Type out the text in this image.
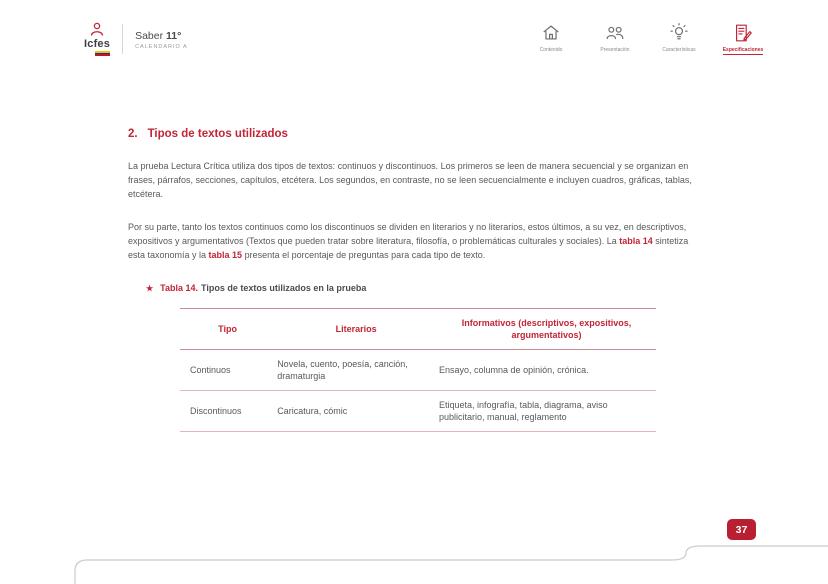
Icfes
Saber 11°
CALENDARIO A
Contenido	Presentación	Características	Especificaciones
2. Tipos de textos utilizados

La prueba Lectura Crítica utiliza dos tipos de textos: continuos y discontinuos. Los primeros se leen de manera secuencial y se organizan en frases, párrafos, secciones, capítulos, etcétera. Los segundos, en contraste, no se leen secuencialmente e incluyen cuadros, gráficas, tablas, etcétera.

Por su parte, tanto los textos continuos como los discontinuos se dividen en literarios y no literarios, estos últimos, a su vez, en descriptivos, expositivos y argumentativos (Textos que pueden tratar sobre literatura, filosofía, o problemáticas culturales y sociales). La tabla 14 sintetiza esta taxonomía y la tabla 15 presenta el porcentaje de preguntas para cada tipo de texto.

★ Tabla 14. Tipos de textos utilizados en la prueba
Tipo	Literarios	Informativos (descriptivos, expositivos, argumentativos)
Continuos	Novela, cuento, poesía, canción, dramaturgia	Ensayo, columna de opinión, crónica.
Discontinuos	Caricatura, cómic	Etiqueta, infografía, tabla, diagrama, aviso publicitario, manual, reglamento
37
